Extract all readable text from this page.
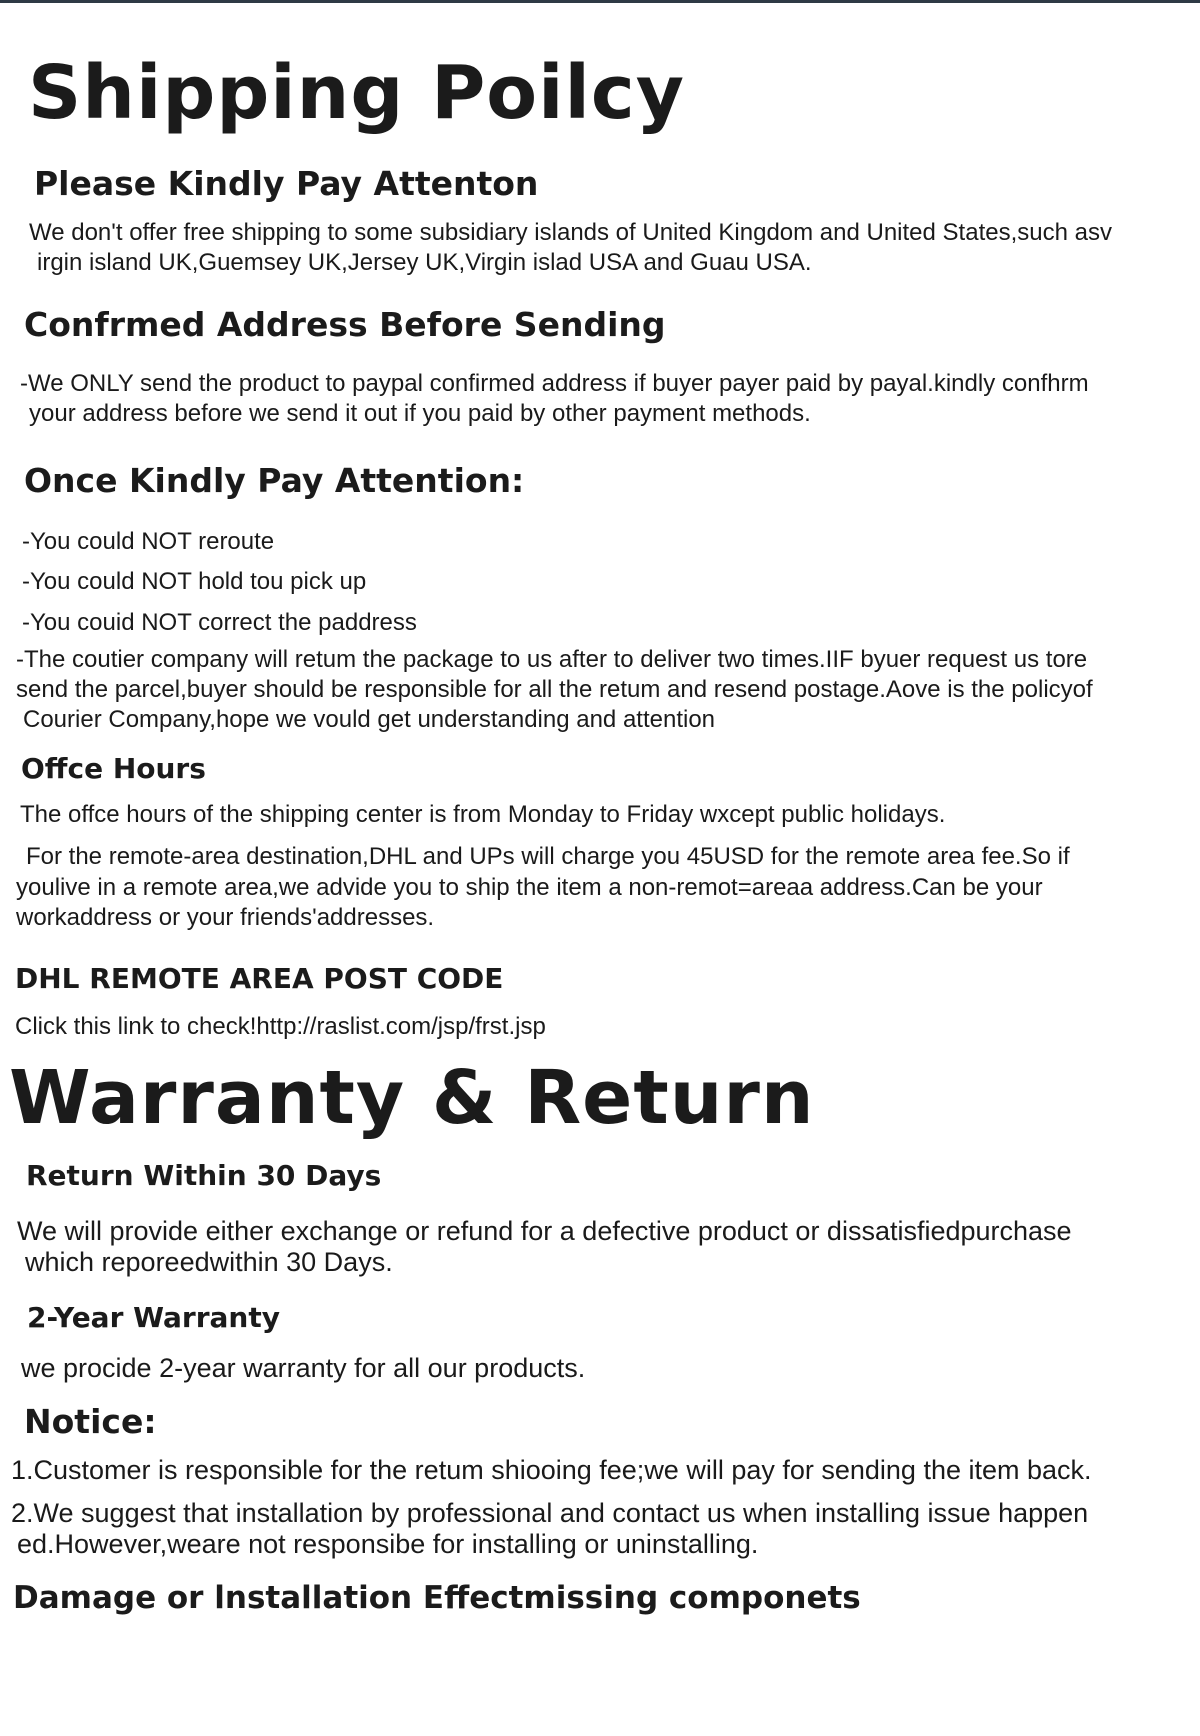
Shipping Poilcy
Please Kindly Pay Attenton

We don't offer free shipping to some subsidiary islands of United Kingdom and United States,such asv

irgin island UK,Guemsey UK,Jersey UK,Virgin islad USA and Guau USA.

Confrmed Address Before Sending

-We ONLY send the product to paypal confirmed address if buyer payer paid by payal.kindly confhrm

your address before we send it out if you paid by other payment methods.

Once Kindly Pay Attention:

-You could NOT reroute

-You could NOT hold tou pick up

-You couid NOT correct the paddress

-The coutier company will retum the package to us after to deliver two times.IIF byuer request us tore

send the parcel,buyer should be responsible for all the retum and resend postage.Aove is the policyof

Courier Company,hope we vould get understanding and attention

Offce Hours

The offce hours of the shipping center is from Monday to Friday wxcept public holidays.

For the remote-area destination,DHL and UPs will charge you 45USD for the remote area fee.So if

youlive in a remote area,we advide you to ship the item a non-remot=areaa address.Can be your

workaddress or your friends'addresses.

DHL REMOTE AREA POST CODE

Click this link to check!http://raslist.com/jsp/frst.jsp

Warranty & Return
Return Within 30 Days

We will provide either exchange or refund for a defective product or dissatisfiedpurchase

which reporeedwithin 30 Days.

2-Year Warranty

we procide 2-year warranty for all our products.

Notice:

1.Customer is responsible for the retum shiooing fee;we will pay for sending the item back.

2.We suggest that installation by professional and contact us when installing issue happen

ed.However,weare not responsibe for installing or uninstalling.

Damage or lnstallation Effectmissing componets
